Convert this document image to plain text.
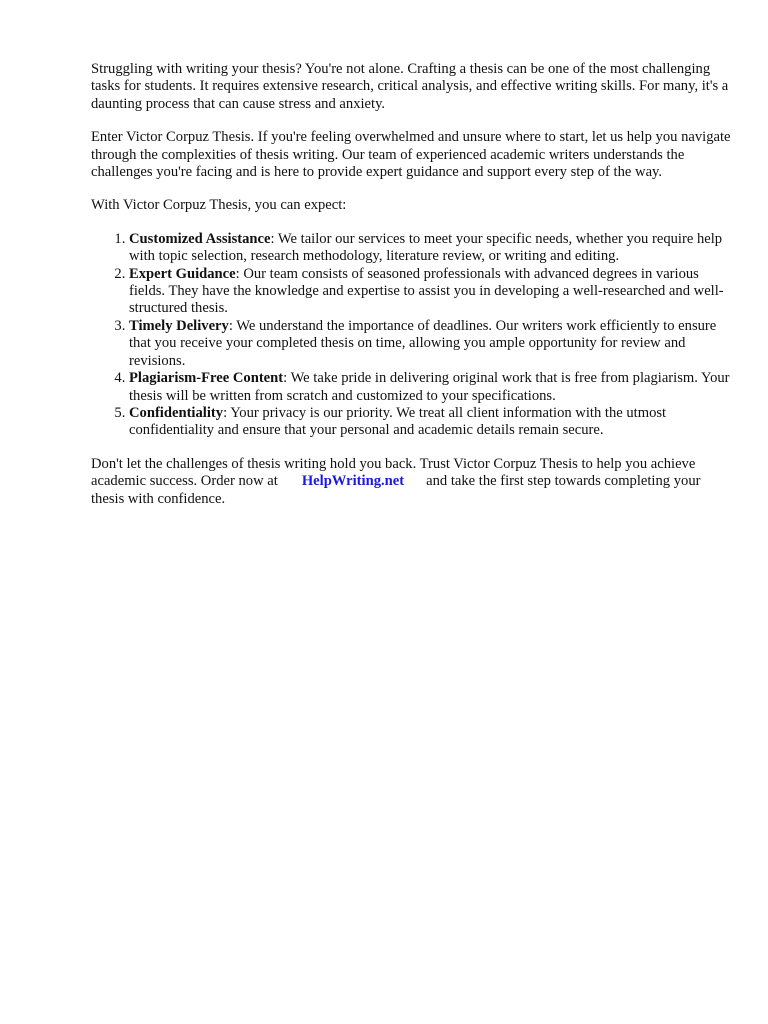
Struggling with writing your thesis? You're not alone. Crafting a thesis can be one of the most challenging tasks for students. It requires extensive research, critical analysis, and effective writing skills. For many, it's a daunting process that can cause stress and anxiety.

Enter Victor Corpuz Thesis. If you're feeling overwhelmed and unsure where to start, let us help you navigate through the complexities of thesis writing. Our team of experienced academic writers understands the challenges you're facing and is here to provide expert guidance and support every step of the way.

With Victor Corpuz Thesis, you can expect:

1. Customized Assistance: We tailor our services to meet your specific needs, whether you require help with topic selection, research methodology, literature review, or writing and editing.
2. Expert Guidance: Our team consists of seasoned professionals with advanced degrees in various fields. They have the knowledge and expertise to assist you in developing a well-researched and well-structured thesis.
3. Timely Delivery: We understand the importance of deadlines. Our writers work efficiently to ensure that you receive your completed thesis on time, allowing you ample opportunity for review and revisions.
4. Plagiarism-Free Content: We take pride in delivering original work that is free from plagiarism. Your thesis will be written from scratch and customized to your specifications.
5. Confidentiality: Your privacy is our priority. We treat all client information with the utmost confidentiality and ensure that your personal and academic details remain secure.

Don't let the challenges of thesis writing hold you back. Trust Victor Corpuz Thesis to help you achieve academic success. Order now at HelpWriting.net and take the first step towards completing your thesis with confidence.
